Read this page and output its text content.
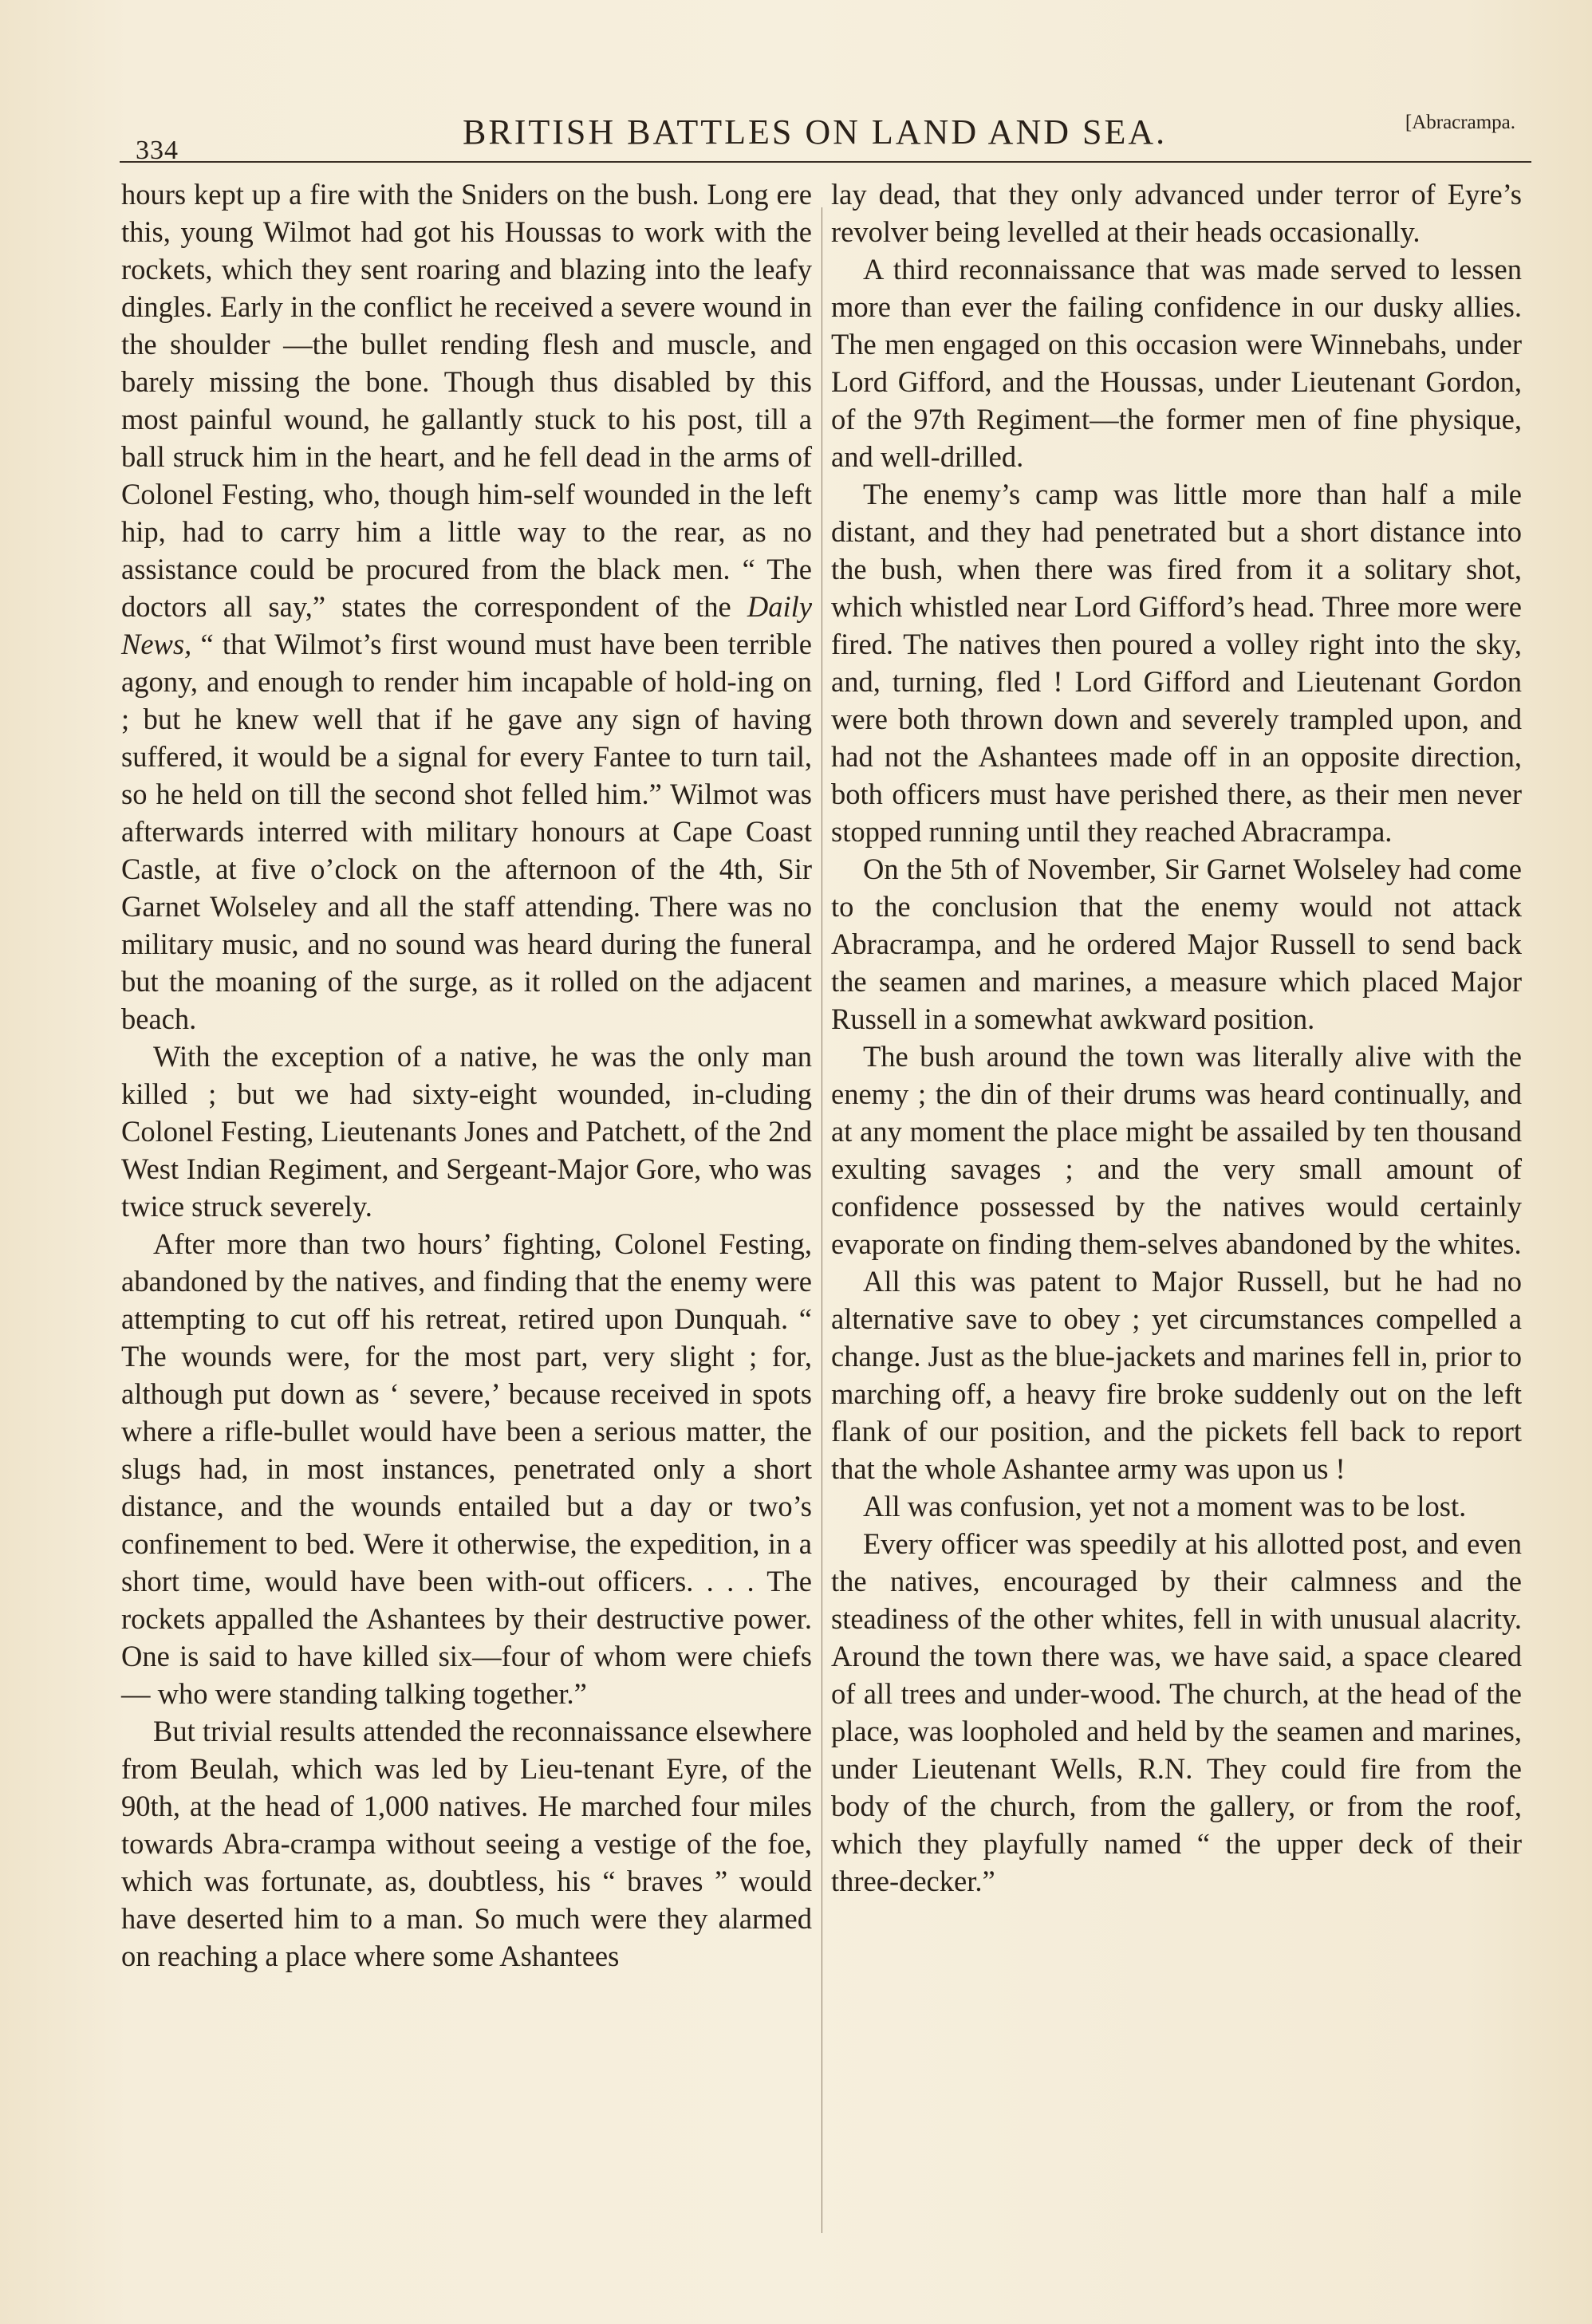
334	BRITISH BATTLES ON LAND AND SEA.	[Abracrampa.

hours kept up a fire with the Sniders on the bush. Long ere this, young Wilmot had got his Houssas to work with the rockets, which they sent roaring and blazing into the leafy dingles. Early in the conflict he received a severe wound in the shoulder —the bullet rending flesh and muscle, and barely missing the bone. Though thus disabled by this most painful wound, he gallantly stuck to his post, till a ball struck him in the heart, and he fell dead in the arms of Colonel Festing, who, though him-self wounded in the left hip, had to carry him a little way to the rear, as no assistance could be procured from the black men. “ The doctors all say,” states the correspondent of the Daily News, “ that Wilmot’s first wound must have been terrible agony, and enough to render him incapable of hold-ing on ; but he knew well that if he gave any sign of having suffered, it would be a signal for every Fantee to turn tail, so he held on till the second shot felled him.” Wilmot was afterwards interred with military honours at Cape Coast Castle, at five o’clock on the afternoon of the 4th, Sir Garnet Wolseley and all the staff attending. There was no military music, and no sound was heard during the funeral but the moaning of the surge, as it rolled on the adjacent beach.

With the exception of a native, he was the only man killed ; but we had sixty-eight wounded, in-cluding Colonel Festing, Lieutenants Jones and Patchett, of the 2nd West Indian Regiment, and Sergeant-Major Gore, who was twice struck severely.

After more than two hours’ fighting, Colonel Festing, abandoned by the natives, and finding that the enemy were attempting to cut off his retreat, retired upon Dunquah. “ The wounds were, for the most part, very slight ; for, although put down as ‘ severe,’ because received in spots where a rifle-bullet would have been a serious matter, the slugs had, in most instances, penetrated only a short distance, and the wounds entailed but a day or two’s confinement to bed. Were it otherwise, the expedition, in a short time, would have been with-out officers. . . . The rockets appalled the Ashantees by their destructive power. One is said to have killed six—four of whom were chiefs— who were standing talking together.”

But trivial results attended the reconnaissance elsewhere from Beulah, which was led by Lieu-tenant Eyre, of the 90th, at the head of 1,000 natives. He marched four miles towards Abra-crampa without seeing a vestige of the foe, which was fortunate, as, doubtless, his “ braves ” would have deserted him to a man. So much were they alarmed on reaching a place where some Ashantees

lay dead, that they only advanced under terror of Eyre’s revolver being levelled at their heads occasionally.

A third reconnaissance that was made served to lessen more than ever the failing confidence in our dusky allies. The men engaged on this occasion were Winnebahs, under Lord Gifford, and the Houssas, under Lieutenant Gordon, of the 97th Regiment—the former men of fine physique, and well-drilled.

The enemy’s camp was little more than half a mile distant, and they had penetrated but a short distance into the bush, when there was fired from it a solitary shot, which whistled near Lord Gifford’s head. Three more were fired. The natives then poured a volley right into the sky, and, turning, fled ! Lord Gifford and Lieutenant Gordon were both thrown down and severely trampled upon, and had not the Ashantees made off in an opposite direction, both officers must have perished there, as their men never stopped running until they reached Abracrampa.

On the 5th of November, Sir Garnet Wolseley had come to the conclusion that the enemy would not attack Abracrampa, and he ordered Major Russell to send back the seamen and marines, a measure which placed Major Russell in a somewhat awkward position.

The bush around the town was literally alive with the enemy ; the din of their drums was heard continually, and at any moment the place might be assailed by ten thousand exulting savages ; and the very small amount of confidence possessed by the natives would certainly evaporate on finding them-selves abandoned by the whites.

All this was patent to Major Russell, but he had no alternative save to obey ; yet circumstances compelled a change. Just as the blue-jackets and marines fell in, prior to marching off, a heavy fire broke suddenly out on the left flank of our position, and the pickets fell back to report that the whole Ashantee army was upon us !

All was confusion, yet not a moment was to be lost.

Every officer was speedily at his allotted post, and even the natives, encouraged by their calmness and the steadiness of the other whites, fell in with unusual alacrity. Around the town there was, we have said, a space cleared of all trees and under-wood. The church, at the head of the place, was loopholed and held by the seamen and marines, under Lieutenant Wells, R.N. They could fire from the body of the church, from the gallery, or from the roof, which they playfully named “ the upper deck of their three-decker.”
